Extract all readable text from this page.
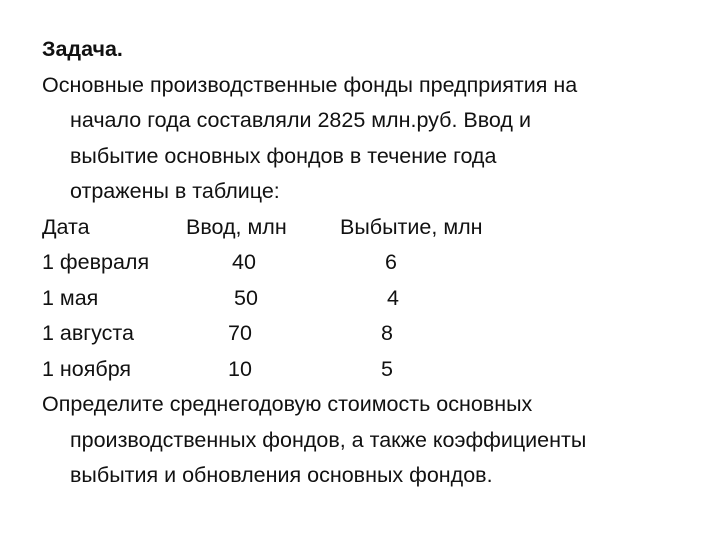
Задача.
Основные производственные фонды предприятия на
начало года составляли 2825 млн.руб. Ввод и
выбытие основных фондов в течение года
отражены в таблице:
Дата	Ввод, млн Выбытие, млн
1 февраля	40	6
1 мая	50	4
1 августа	70	8
1 ноября	10	5
Определите среднегодовую стоимость основных
производственных фондов, а также коэффициенты
выбытия и обновления основных фондов.
